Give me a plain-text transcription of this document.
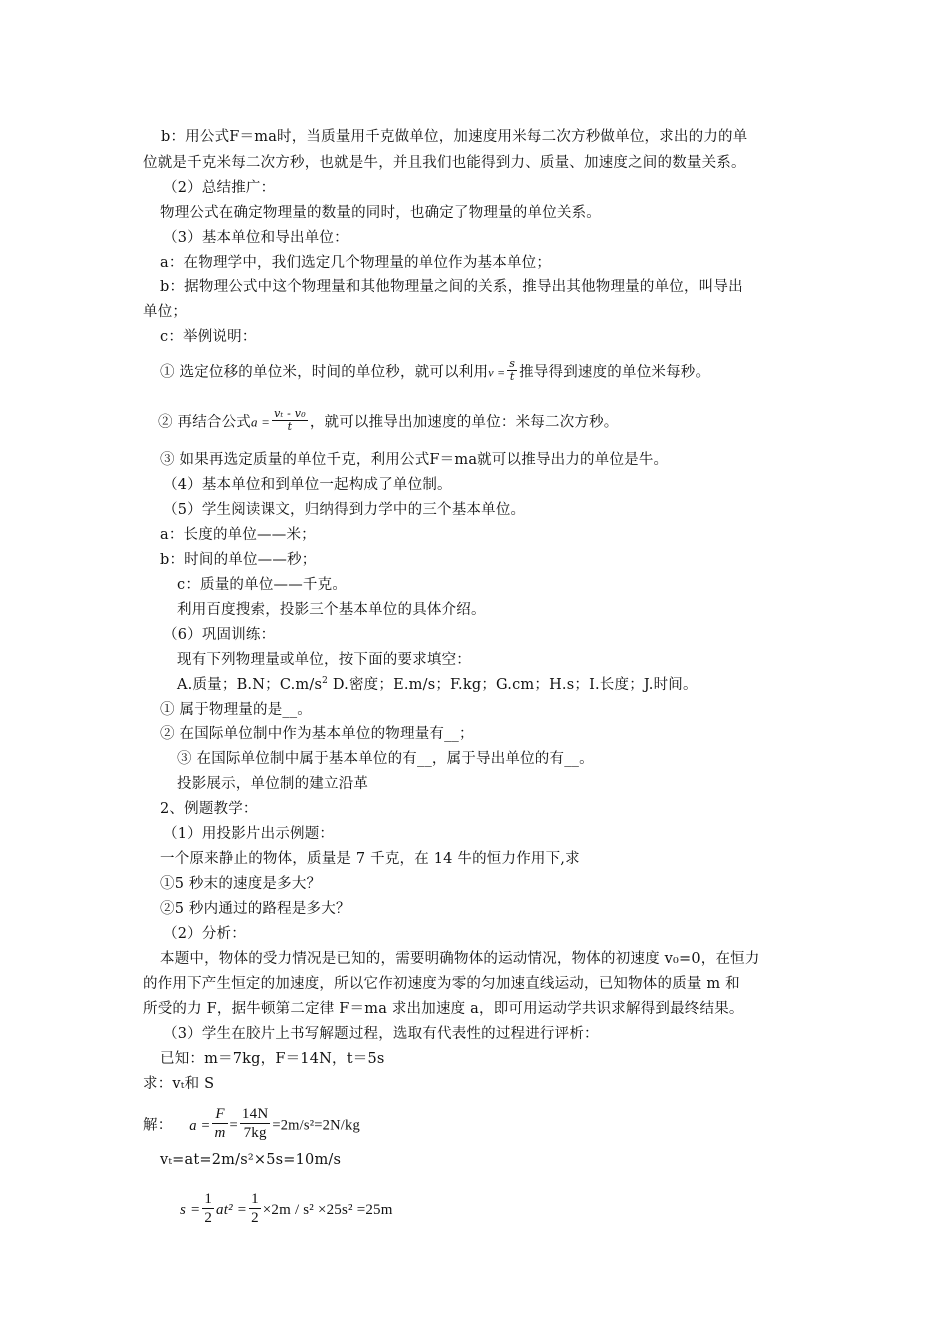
b：用公式F＝ma时，当质量用千克做单位，加速度用米每二次方秒做单位，求出的力的单
位就是千克米每二次方秒，也就是牛，并且我们也能得到力、质量、加速度之间的数量关系。
（2）总结推广：
物理公式在确定物理量的数量的同时，也确定了物理量的单位关系。
（3）基本单位和导出单位：
a：在物理学中，我们选定几个物理量的单位作为基本单位；
b：据物理公式中这个物理量和其他物理量之间的关系，推导出其他物理量的单位，叫导出
单位；
c：举例说明：
① 选定位移的单位米，时间的单位秒，就可以利用$v = \frac{s}{t}$ 推导得到速度的单位米每秒。
② 再结合公式$a = \frac{\text{vₜ - v₀}}{t}$ ，就可以推导出加速度的单位：米每二次方秒。
③ 如果再选定质量的单位千克，利用公式F＝ma就可以推导出力的单位是牛。
（4）基本单位和到单位一起构成了单位制。
（5）学生阅读课文，归纳得到力学中的三个基本单位。
a：长度的单位——米；
b：时间的单位——秒；
c：质量的单位——千克。
利用百度搜索，投影三个基本单位的具体介绍。
（6）巩固训练：
现有下列物理量或单位，按下面的要求填空：
A.质量；B.N；$C.m/s^2$ D.密度；E.m/s；F.kg；G.cm；H.s；I.长度；J.时间。
① 属于物理量的是__。
② 在国际单位制中作为基本单位的物理量有__；
③ 在国际单位制中属于基本单位的有__，属于导出单位的有__。
投影展示，单位制的建立沿革
2、例题教学：
（1）用投影片出示例题：
一个原来静止的物体，质量是 7 千克，在 14 牛的恒力作用下,求
①5 秒末的速度是多大？
②5 秒内通过的路程是多大？
（2）分析：
本题中，物体的受力情况是已知的，需要明确物体的运动情况，物体的初速度 v₀=0，在恒力
的作用下产生恒定的加速度，所以它作初速度为零的匀加速直线运动，已知物体的质量 m 和
所受的力 F，据牛顿第二定律 F＝ma 求出加速度 a，即可用运动学共识求解得到最终结果。
（3）学生在胶片上书写解题过程，选取有代表性的过程进行评析：
已知：m＝7kg，F＝14N，t＝5s
求：vₜ和 S
解： $a = \frac{F}{m} = \frac{14N}{7kg} =2m/s^2=2N/kg$
vₜ=at=2m/s²×5s=10m/s
$s = \frac{1}{2} at^2 = \frac{1}{2} \times 2m / s^2 \times 25s^2 =25m$
